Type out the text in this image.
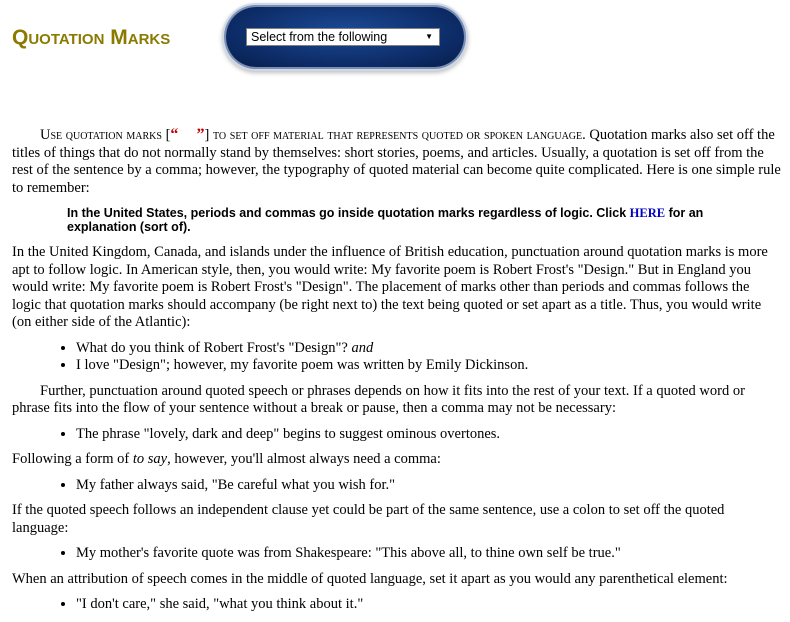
Quotation Marks	Select from the following	▼

Use quotation marks [“ ”] to set off material that represents quoted or spoken language. Quotation marks also set off the titles of things that do not normally stand by themselves: short stories, poems, and articles. Usually, a quotation is set off from the rest of the sentence by a comma; however, the typography of quoted material can become quite complicated. Here is one simple rule to remember:

In the United States, periods and commas go inside quotation marks regardless of logic. Click HERE for an explanation (sort of).

In the United Kingdom, Canada, and islands under the influence of British education, punctuation around quotation marks is more apt to follow logic. In American style, then, you would write: My favorite poem is Robert Frost's "Design." But in England you would write: My favorite poem is Robert Frost's "Design". The placement of marks other than periods and commas follows the logic that quotation marks should accompany (be right next to) the text being quoted or set apart as a title. Thus, you would write (on either side of the Atlantic):

• What do you think of Robert Frost's "Design"? and
• I love "Design"; however, my favorite poem was written by Emily Dickinson.

Further, punctuation around quoted speech or phrases depends on how it fits into the rest of your text. If a quoted word or phrase fits into the flow of your sentence without a break or pause, then a comma may not be necessary:

• The phrase "lovely, dark and deep" begins to suggest ominous overtones.

Following a form of to say, however, you'll almost always need a comma:

• My father always said, "Be careful what you wish for."

If the quoted speech follows an independent clause yet could be part of the same sentence, use a colon to set off the quoted language:

• My mother's favorite quote was from Shakespeare: "This above all, to thine own self be true."

When an attribution of speech comes in the middle of quoted language, set it apart as you would any parenthetical element:

• "I don't care," she said, "what you think about it."
